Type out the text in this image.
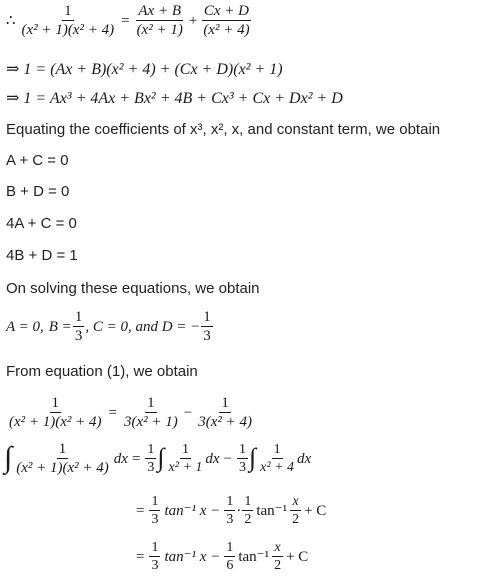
∴ $\frac{1}{\text{(x² + 1)(x² + 4)}} = \frac{Ax + B}{\text{(x² + 1)}} + \frac{Cx + D}{\text{(x² + 4)}}$
⇒ 1 = (Ax + B)(x² + 4) + (Cx + D)(x² + 1)
⇒ 1 = Ax³ + 4Ax + Bx² + 4B + Cx³ + Cx + Dx² + D
Equating the coefficients of x³, x², x, and constant term, we obtain
A + C = 0
B + D = 0
4A + C = 0
4B + D = 1
On solving these equations, we obtain
A = 0, $B = \frac{1}{3}$ , C = 0, and D = − $\frac{1}{3}$
From equation (1), we obtain
$\frac{1}{\text{(x² + 1)(x² + 4)}} = \frac{1}{\text{3(x² + 1)}} - \frac{1}{\text{3(x² + 4)}}$
∫ $\frac{1}{\text{(x² + 1)(x² + 4)}}$ dx = $\frac{1}{3}$ ∫ $\frac{1}{\text{x² + 1}}$ dx − $\frac{1}{3}$ ∫ $\frac{1}{\text{x² + 4}}$ dx
= $\frac{1}{3} \tan^{-1}$ $x - \frac{1}{3} \cdot \frac{1}{2} \tan^{-1} \frac{x}{2} + C$
= $\frac{1}{3} \tan^{-1}$ $x - \frac{1}{6} \tan^{-1} \frac{x}{2} + C$
